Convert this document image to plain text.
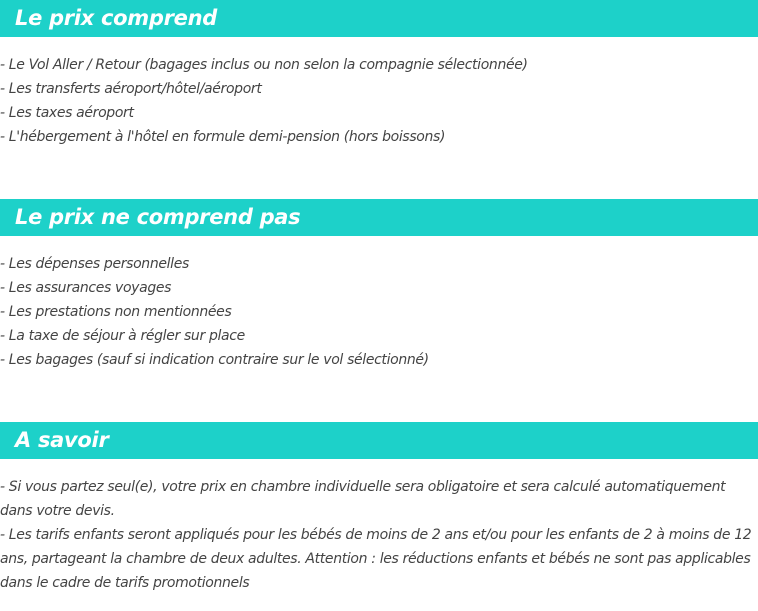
Le prix comprend
- Le Vol Aller / Retour (bagages inclus ou non selon la compagnie sélectionnée)
- Les transferts aéroport/hôtel/aéroport
- Les taxes aéroport
- L'hébergement à l'hôtel en formule demi-pension (hors boissons)
Le prix ne comprend pas
- Les dépenses personnelles
- Les assurances voyages
- Les prestations non mentionnées
- La taxe de séjour à régler sur place
- Les bagages (sauf si indication contraire sur le vol sélectionné)
A savoir
- Si vous partez seul(e), votre prix en chambre individuelle sera obligatoire et sera calculé automatiquement dans votre devis.
- Les tarifs enfants seront appliqués pour les bébés de moins de 2 ans et/ou pour les enfants de 2 à moins de 12 ans, partageant la chambre de deux adultes. Attention : les réductions enfants et bébés ne sont pas applicables dans le cadre de tarifs promotionnels
